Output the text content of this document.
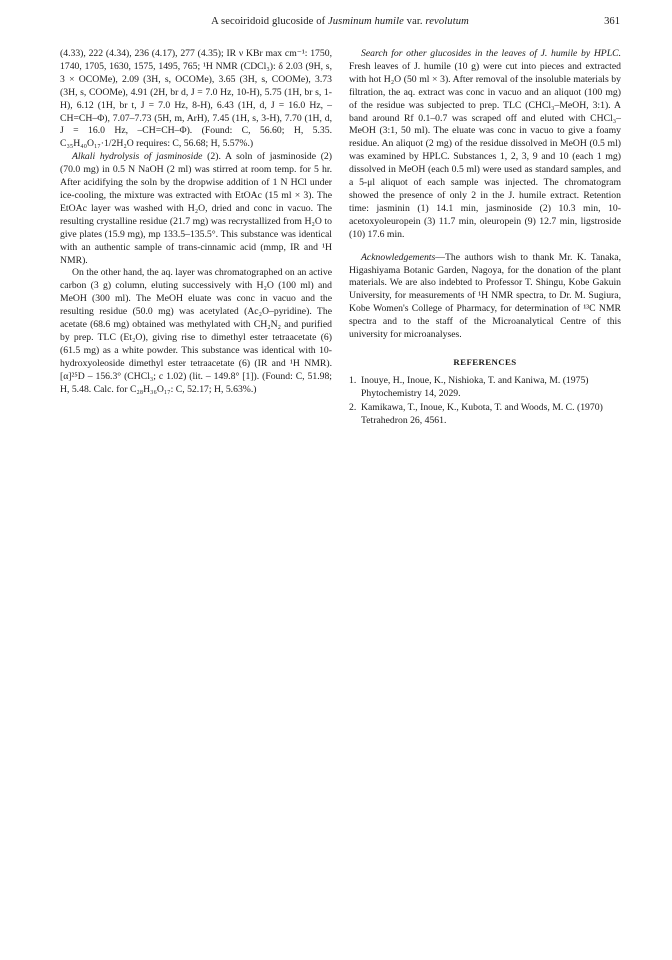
A secoiridoid glucoside of Jusminum humile var. revolutum	361

(4.33), 222 (4.34), 236 (4.17), 277 (4.35); IR ν KBr max cm⁻¹: 1750, 1740, 1705, 1630, 1575, 1495, 765; ¹H NMR (CDCl₃): δ 2.03 (9H, s, 3 × OCOMe), 2.09 (3H, s, OCOMe), 3.65 (3H, s, COOMe), 3.73 (3H, s, COOMe), 4.91 (2H, br d, J = 7.0 Hz, 10-H), 5.75 (1H, br s, 1-H), 6.12 (1H, br t, J = 7.0 Hz, 8-H), 6.43 (1H, d, J = 16.0 Hz, –CH=CH–Φ), 7.07–7.73 (5H, m, ArH), 7.45 (1H, s, 3-H), 7.70 (1H, d, J = 16.0 Hz, –CH=CH–Φ). (Found: C, 56.60; H, 5.35. C₃₅H₄₀O₁₇·1/2H₂O requires: C, 56.68; H, 5.57%.)

Alkali hydrolysis of jasminoside (2). A soln of jasminoside (2) (70.0 mg) in 0.5 N NaOH (2 ml) was stirred at room temp. for 5 hr. After acidifying the soln by the dropwise addition of 1 N HCl under ice-cooling, the mixture was extracted with EtOAc (15 ml × 3). The EtOAc layer was washed with H₂O, dried and conc in vacuo. The resulting crystalline residue (21.7 mg) was recrystallized from H₂O to give plates (15.9 mg), mp 133.5–135.5°. This substance was identical with an authentic sample of trans-cinnamic acid (mmp, IR and ¹H NMR).

On the other hand, the aq. layer was chromatographed on an active carbon (3 g) column, eluting successively with H₂O (100 ml) and MeOH (300 ml). The MeOH eluate was conc in vacuo and the resulting residue (50.0 mg) was acetylated (Ac₂O–pyridine). The acetate (68.6 mg) obtained was methylated with CH₂N₂ and purified by prep. TLC (Et₂O), giving rise to dimethyl ester tetraacetate (6) (61.5 mg) as a white powder. This substance was identical with 10-hydroxyoleoside dimethyl ester tetraacetate (6) (IR and ¹H NMR). [α]²⁵D – 156.3° (CHCl₃; c 1.02) (lit. – 149.8° [1]). (Found: C, 51.98; H, 5.48. Calc. for C₂₈H₃₆O₁₇: C, 52.17; H, 5.63%.)

Search for other glucosides in the leaves of J. humile by HPLC. Fresh leaves of J. humile (10 g) were cut into pieces and extracted with hot H₂O (50 ml × 3). After removal of the insoluble materials by filtration, the aq. extract was conc in vacuo and an aliquot (100 mg) of the residue was subjected to prep. TLC (CHCl₃–MeOH, 3:1). A band around Rf 0.1–0.7 was scraped off and eluted with CHCl₃–MeOH (3:1, 50 ml). The eluate was conc in vacuo to give a foamy residue. An aliquot (2 mg) of the residue dissolved in MeOH (0.5 ml) was examined by HPLC. Substances 1, 2, 3, 9 and 10 (each 1 mg) dissolved in MeOH (each 0.5 ml) were used as standard samples, and a 5-μl aliquot of each sample was injected. The chromatogram showed the presence of only 2 in the J. humile extract. Retention time: jasminin (1) 14.1 min, jasminoside (2) 10.3 min, 10-acetoxyoleuropein (3) 11.7 min, oleuropein (9) 12.7 min, ligstroside (10) 17.6 min.

Acknowledgements—The authors wish to thank Mr. K. Tanaka, Higashiyama Botanic Garden, Nagoya, for the donation of the plant materials. We are also indebted to Professor T. Shingu, Kobe Gakuin University, for measurements of ¹H NMR spectra, to Dr. M. Sugiura, Kobe Women's College of Pharmacy, for determination of ¹³C NMR spectra and to the staff of the Microanalytical Centre of this university for microanalyses.

REFERENCES
1. Inouye, H., Inoue, K., Nishioka, T. and Kaniwa, M. (1975) Phytochemistry 14, 2029.
2. Kamikawa, T., Inoue, K., Kubota, T. and Woods, M. C. (1970) Tetrahedron 26, 4561.
